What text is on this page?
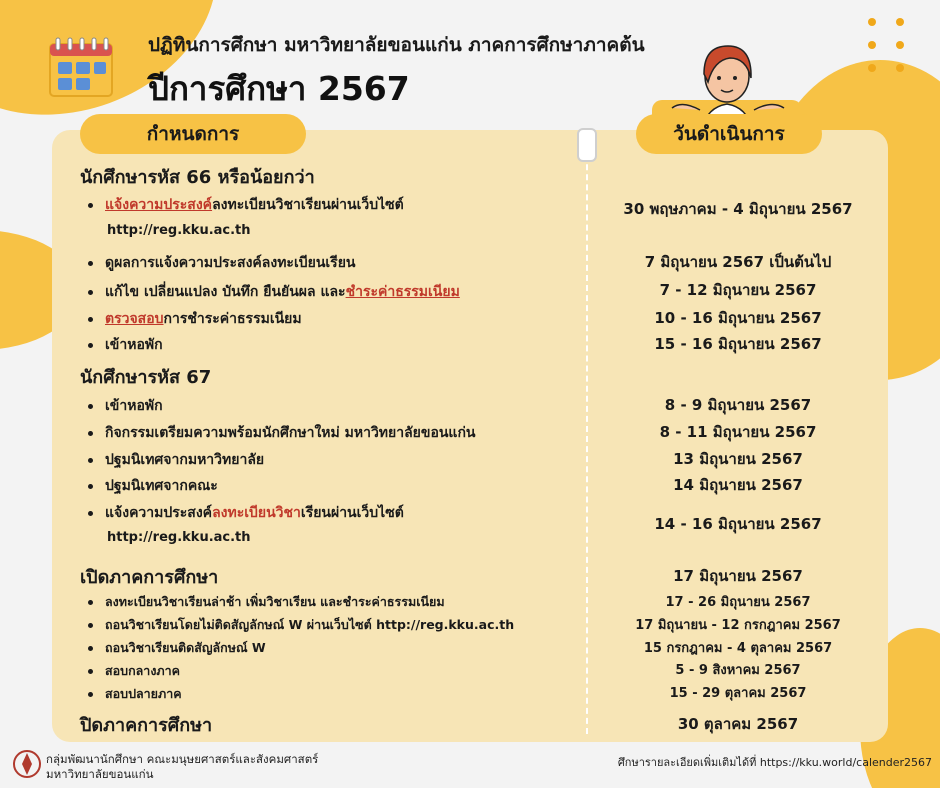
ปฏิทินการศึกษา มหาวิทยาลัยขอนแก่น ภาคการศึกษาภาคต้น
ปีการศึกษา 2567
กำหนดการ	วันดำเนินการ
นักศึกษารหัส 66 หรือน้อยกว่า
แจ้งความประสงค์ ลงทะเบียนวิชาเรียนผ่านเว็บไซต์
http://reg.kku.ac.th
30 พฤษภาคม - 4 มิถุนายน 2567
ดูผลการแจ้งความประสงค์ลงทะเบียนเรียน	7 มิถุนายน 2567 เป็นต้นไป
แก้ไข เปลี่ยนแปลง บันทึก ยืนยันผล และ ชำระค่าธรรมเนียม	7 - 12 มิถุนายน 2567
ตรวจสอบ การชำระค่าธรรมเนียม	10 - 16 มิถุนายน 2567
เข้าหอพัก	15 - 16 มิถุนายน 2567
นักศึกษารหัส 67
เข้าหอพัก	8 - 9 มิถุนายน 2567
กิจกรรมเตรียมความพร้อมนักศึกษาใหม่ มหาวิทยาลัยขอนแก่น	8 - 11 มิถุนายน 2567
ปฐมนิเทศจากมหาวิทยาลัย	13 มิถุนายน 2567
ปฐมนิเทศจากคณะ	14 มิถุนายน 2567
แจ้งความประสงค์ ลงทะเบียนวิชา เรียนผ่านเว็บไซต์
http://reg.kku.ac.th
14 - 16 มิถุนายน 2567
เปิดภาคการศึกษา	17 มิถุนายน 2567
ลงทะเบียนวิชาเรียนล่าช้า เพิ่มวิชาเรียน และชำระค่าธรรมเนียม	17 - 26 มิถุนายน 2567
ถอนวิชาเรียนโดยไม่ติดสัญลักษณ์ W ผ่านเว็บไซต์ http://reg.kku.ac.th	17 มิถุนายน - 12 กรกฎาคม 2567
ถอนวิชาเรียนติดสัญลักษณ์ W	15 กรกฎาคม - 4 ตุลาคม 2567
สอบกลางภาค	5 - 9 สิงหาคม 2567
สอบปลายภาค	15 - 29 ตุลาคม 2567
ปิดภาคการศึกษา	30 ตุลาคม 2567
กลุ่มพัฒนานักศึกษา คณะมนุษยศาสตร์และสังคมศาสตร์
มหาวิทยาลัยขอนแก่น
ศึกษารายละเอียดเพิ่มเติมได้ที่ https://kku.world/calender2567
